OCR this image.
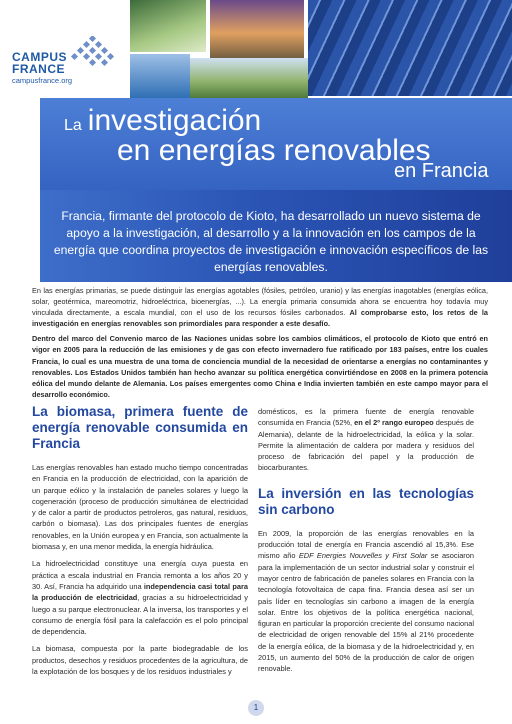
CAMPUS
FRANCE
campusfrance.org
La investigación
en energías renovables
en Francia
Francia, firmante del protocolo de Kioto, ha desarrollado un nuevo sistema de apoyo a la investigación, al desarrollo y a la innovación en los campos de la energía que coordina proyectos de investigación e innovación específicos de las energías renovables.

En las energías primarias, se puede distinguir las energías agotables (fósiles, petróleo, uranio) y las energías inagotables (energías eólica, solar, geotérmica, mareomotriz, hidroeléctrica, bioenergías, ...). La energía primaria consumida ahora se encuentra hoy todavía muy vinculada directamente, a escala mundial, con el uso de los recursos fósiles carbonados. Al comprobarse esto, los retos de la investigación en energías renovables son primordiales para responder a este desafío.

Dentro del marco del Convenio marco de las Naciones unidas sobre los cambios climáticos, el protocolo de Kioto que entró en vigor en 2005 para la reducción de las emisiones y de gas con efecto invernadero fue ratificado por 183 países, entre los cuales Francia, lo cual es una muestra de una toma de conciencia mundial de la necesidad de orientarse a energías no contaminantes y renovables. Los Estados Unidos también han hecho avanzar su política energética convirtiéndose en 2008 en la primera potencia eólica del mundo delante de Alemania. Los países emergentes como China e India invierten también en este campo mayor para el desarrollo económico.

La biomasa, primera fuente de energía renovable consumida en Francia

Las energías renovables han estado mucho tiempo concentradas en Francia en la producción de electricidad, con la aparición de un parque eólico y la instalación de paneles solares y luego la cogeneración (proceso de producción simultánea de electricidad y de calor a partir de productos petroleros, gas natural, residuos, carbón o biomasa). Las dos principales fuentes de energías renovables, en la Unión europea y en Francia, son actualmente la biomasa y, en una menor medida, la energía hidráulica.

La hidroelectricidad constituye una energía cuya puesta en práctica a escala industrial en Francia remonta a los años 20 y 30. Así, Francia ha adquirido una independencia casi total para la producción de electricidad, gracias a su hidroelectricidad y luego a su parque electronuclear. A la inversa, los transportes y el consumo de energía fósil para la calefacción es el polo principal de dependencia.

La biomasa, compuesta por la parte biodegradable de los productos, desechos y residuos procedentes de la agricultura, de la explotación de los bosques y de los residuos industriales y

domésticos, es la primera fuente de energía renovable consumida en Francia (52%, en el 2º rango europeo después de Alemania), delante de la hidroelectricidad, la eólica y la solar. Permite la alimentación de caldera por madera y residuos del proceso de fabricación del papel y la producción de biocarburantes.

La inversión en las tecnologías sin carbono

En 2009, la proporción de las energías renovables en la producción total de energía en Francia ascendió al 15,3%. Ese mismo año EDF Energies Nouvelles y First Solar se asociaron para la implementación de un sector industrial solar y construir el mayor centro de fabricación de paneles solares en Francia con la tecnología fotovoltaica de capa fina. Francia desea así ser un país líder en tecnologías sin carbono a imagen de la energía solar. Entre los objetivos de la política energética nacional, figuran en particular la proporción creciente del consumo nacional de electricidad de origen renovable del 15% al 21% procedente de la energía eólica, de la biomasa y de la hidroelectricidad y, en 2015, un aumento del 50% de la producción de calor de origen renovable.

1
